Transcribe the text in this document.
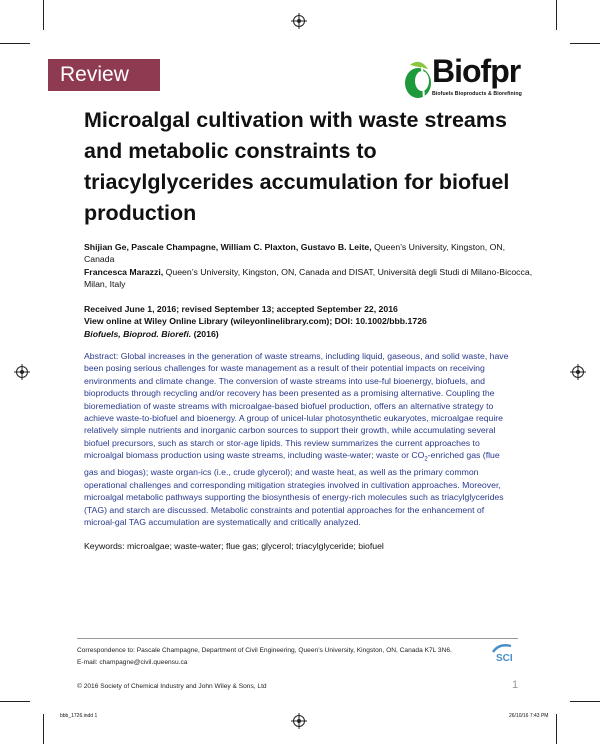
Review	Biofpr
Biofuels Bioproducts & Biorefining
Microalgal cultivation with waste streams and metabolic constraints to triacylglycerides accumulation for biofuel production
Shijian Ge, Pascale Champagne, William C. Plaxton, Gustavo B. Leite, Queen’s University, Kingston, ON, Canada
Francesca Marazzi, Queen’s University, Kingston, ON, Canada and DISAT, Università degli Studi di Milano-Bicocca, Milan, Italy
Received June 1, 2016; revised September 13; accepted September 22, 2016
View online at Wiley Online Library (wileyonlinelibrary.com); DOI: 10.1002/bbb.1726
Biofuels, Bioprod. Biorefi. (2016)
Abstract: Global increases in the generation of waste streams, including liquid, gaseous, and solid waste, have been posing serious challenges for waste management as a result of their potential impacts on receiving environments and climate change. The conversion of waste streams into use-ful bioenergy, biofuels, and bioproducts through recycling and/or recovery has been presented as a promising alternative. Coupling the bioremediation of waste streams with microalgae-based biofuel production, offers an alternative strategy to achieve waste-to-biofuel and bioenergy. A group of unicel-lular photosynthetic eukaryotes, microalgae require relatively simple nutrients and inorganic carbon sources to support their growth, while accumulating several biofuel precursors, such as starch or stor-age lipids. This review summarizes the current approaches to microalgal biomass production using waste streams, including waste-water; waste or $CO_2$-enriched gas (flue gas and biogas); waste organ-ics (i.e., crude glycerol); and waste heat, as well as the primary common operational challenges and corresponding mitigation strategies involved in cultivation approaches. Moreover, microalgal metabolic pathways supporting the biosynthesis of energy-rich molecules such as triacylglycerides (TAG) and starch are discussed. Metabolic constraints and potential approaches for the enhancement of microal-gal TAG accumulation are systematically and critically analyzed.
Keywords: microalgae; waste-water; flue gas; glycerol; triacylglyceride; biofuel
Correspondence to: Pascale Champagne, Department of Civil Engineering, Queen’s University, Kingston, ON, Canada K7L 3N6.
E-mail: champagne@civil.queensu.ca	SCI
© 2016 Society of Chemical Industry and John Wiley & Sons, Ltd	1
bbb_1726.indd 1	26/10/16 7:43 PM
